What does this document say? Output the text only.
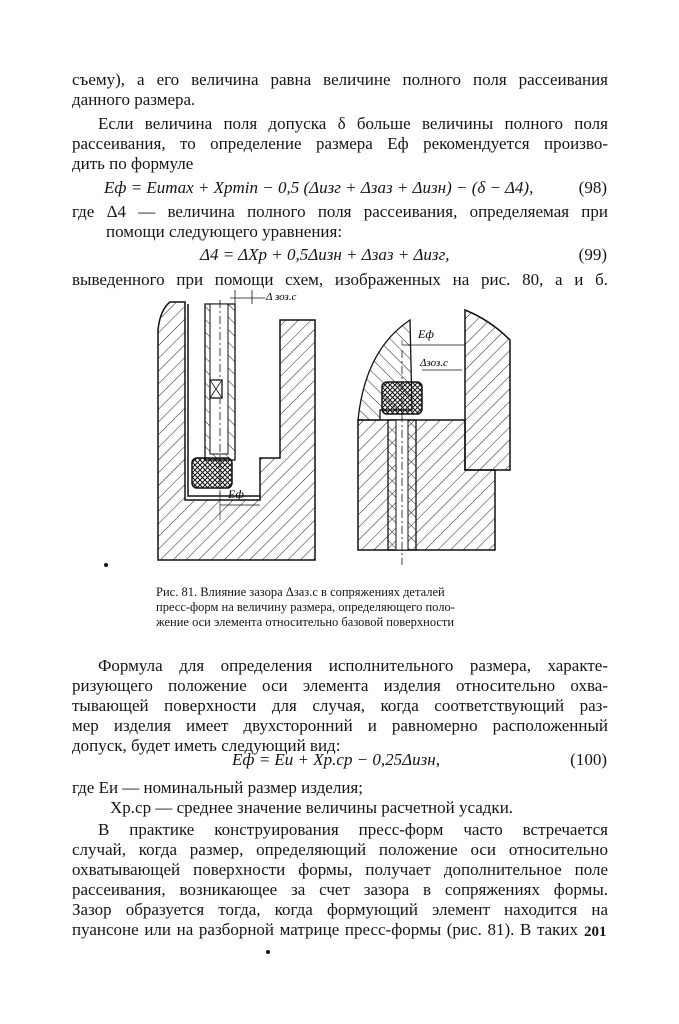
съему), а его величина равна величине полного поля рассеивания
данного размера.
Если величина поля допуска δ больше величины полного поля
рассеивания, то определение размера Eф рекомендуется произво-
дить по формуле
Eф = Eиmax + Xpmin − 0,5 (Δизг + Δзаз + Δизн) − (δ − Δ4),	(98)
где Δ4 — величина полного поля рассеивания, определяемая при
помощи следующего уравнения:
Δ4 = ΔXp + 0,5Δизн + Δзаз + Δизг,	(99)
выведенного при помощи схем, изображенных на рис. 80, а и б.
Δ зоз.с
Еф
Еф
Δзоз.с
Рис. 81. Влияние зазора Δзаз.с в сопряжениях деталей
пресс-форм на величину размера, определяющего поло-
жение оси элемента относительно базовой поверхности
Формула для определения исполнительного размера, характе-
ризующего положение оси элемента изделия относительно охва-
тывающей поверхности для случая, когда соответствующий раз-
мер изделия имеет двухсторонний и равномерно расположенный
допуск, будет иметь следующий вид:
Eф = Eи + Xp.ср − 0,25Δизн,	(100)
где Eи — номинальный размер изделия;
Xp.ср — среднее значение величины расчетной усадки.
В практике конструирования пресс-форм часто встречается
случай, когда размер, определяющий положение оси относительно
охватывающей поверхности формы, получает дополнительное поле
рассеивания, возникающее за счет зазора в сопряжениях формы.
Зазор образуется тогда, когда формующий элемент находится на
пуансоне или на разборной матрице пресс-формы (рис. 81). В таких 201
